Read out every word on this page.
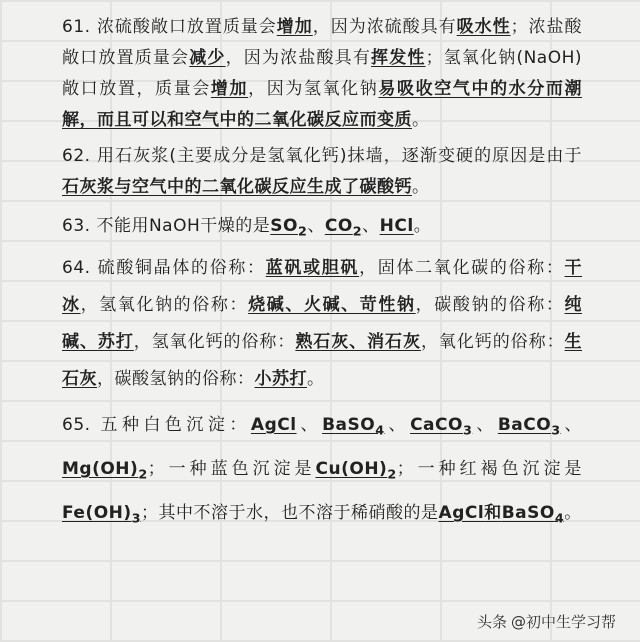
61. 浓硫酸敞口放置质量会增加，因为浓硫酸具有吸水性；浓盐酸敞口放置质量会减少，因为浓盐酸具有挥发性；氢氧化钠(NaOH)敞口放置，质量会增加，因为氢氧化钠易吸收空气中的水分而潮解，而且可以和空气中的二氧化碳反应而变质。

62. 用石灰浆(主要成分是氢氧化钙)抹墙，逐渐变硬的原因是由于石灰浆与空气中的二氧化碳反应生成了碳酸钙。

63. 不能用NaOH干燥的是$SO_2$、$CO_2$、HCl。

64. 硫酸铜晶体的俗称：蓝矾或胆矾，固体二氧化碳的俗称：干冰，氢氧化钠的俗称：烧碱、火碱、苛性钠，碳酸钠的俗称：纯碱、苏打，氢氧化钙的俗称：熟石灰、消石灰，氧化钙的俗称：生石灰，碳酸氢钠的俗称：小苏打。

65. 五种白色沉淀：AgCl、BaSO$_4$、CaCO$_3$、BaCO$_3$、$Mg(OH)_2$；一种蓝色沉淀是$Cu(OH)_2$；一种红褐色沉淀是$Fe(OH)_3$；其中不溶于水，也不溶于稀硝酸的是AgCl和BaSO$_4$。

头条 @初中生学习帮
